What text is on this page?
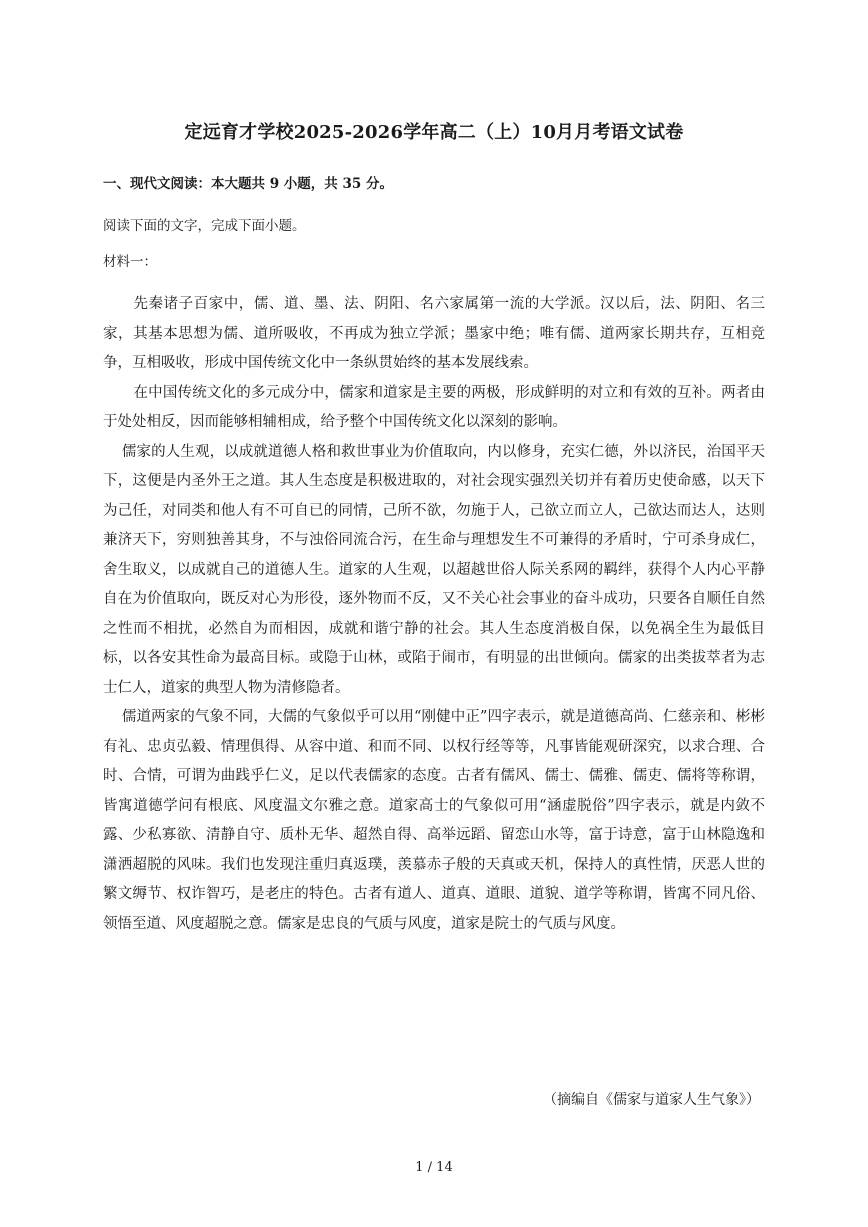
定远育才学校2025-2026学年高二（上）10月月考语文试卷
一、现代文阅读：本大题共 9 小题，共 35 分。
阅读下面的文字，完成下面小题。
材料一：

先秦诸子百家中，儒、道、墨、法、阴阳、名六家属第一流的大学派。汉以后，法、阴阳、名三家，其基本思想为儒、道所吸收，不再成为独立学派；墨家中绝；唯有儒、道两家长期共存，互相竞争，互相吸收，形成中国传统文化中一条纵贯始终的基本发展线索。

在中国传统文化的多元成分中，儒家和道家是主要的两极，形成鲜明的对立和有效的互补。两者由于处处相反，因而能够相辅相成，给予整个中国传统文化以深刻的影响。

儒家的人生观，以成就道德人格和救世事业为价值取向，内以修身，充实仁德，外以济民，治国平天下，这便是内圣外王之道。其人生态度是积极进取的，对社会现实强烈关切并有着历史使命感，以天下为己任，对同类和他人有不可自已的同情，己所不欲，勿施于人，己欲立而立人，己欲达而达人，达则兼济天下，穷则独善其身，不与浊俗同流合污，在生命与理想发生不可兼得的矛盾时，宁可杀身成仁，舍生取义，以成就自己的道德人生。道家的人生观，以超越世俗人际关系网的羁绊，获得个人内心平静自在为价值取向，既反对心为形役，逐外物而不反，又不关心社会事业的奋斗成功，只要各自顺任自然之性而不相扰，必然自为而相因，成就和谐宁静的社会。其人生态度消极自保，以免祸全生为最低目标，以各安其性命为最高目标。或隐于山林，或陷于闹市，有明显的出世倾向。儒家的出类拔萃者为志士仁人，道家的典型人物为清修隐者。

儒道两家的气象不同，大儒的气象似乎可以用“刚健中正”四字表示，就是道德高尚、仁慈亲和、彬彬有礼、忠贞弘毅、情理俱得、从容中道、和而不同、以权行经等等，凡事皆能观研深究，以求合理、合时、合情，可谓为曲践乎仁义，足以代表儒家的态度。古者有儒风、儒士、儒雅、儒吏、儒将等称谓，皆寓道德学问有根底、风度温文尔雅之意。道家高士的气象似可用“涵虚脱俗”四字表示，就是内敛不露、少私寡欲、清静自守、质朴无华、超然自得、高举远蹈、留恋山水等，富于诗意，富于山林隐逸和潇洒超脱的风味。我们也发现注重归真返璞，羡慕赤子般的天真或天机，保持人的真性情，厌恶人世的繁文缛节、权诈智巧，是老庄的特色。古者有道人、道真、道眼、道貌、道学等称谓，皆寓不同凡俗、领悟至道、风度超脱之意。儒家是忠良的气质与风度，道家是院士的气质与风度。

（摘编自《儒家与道家人生气象》）
1 / 14
